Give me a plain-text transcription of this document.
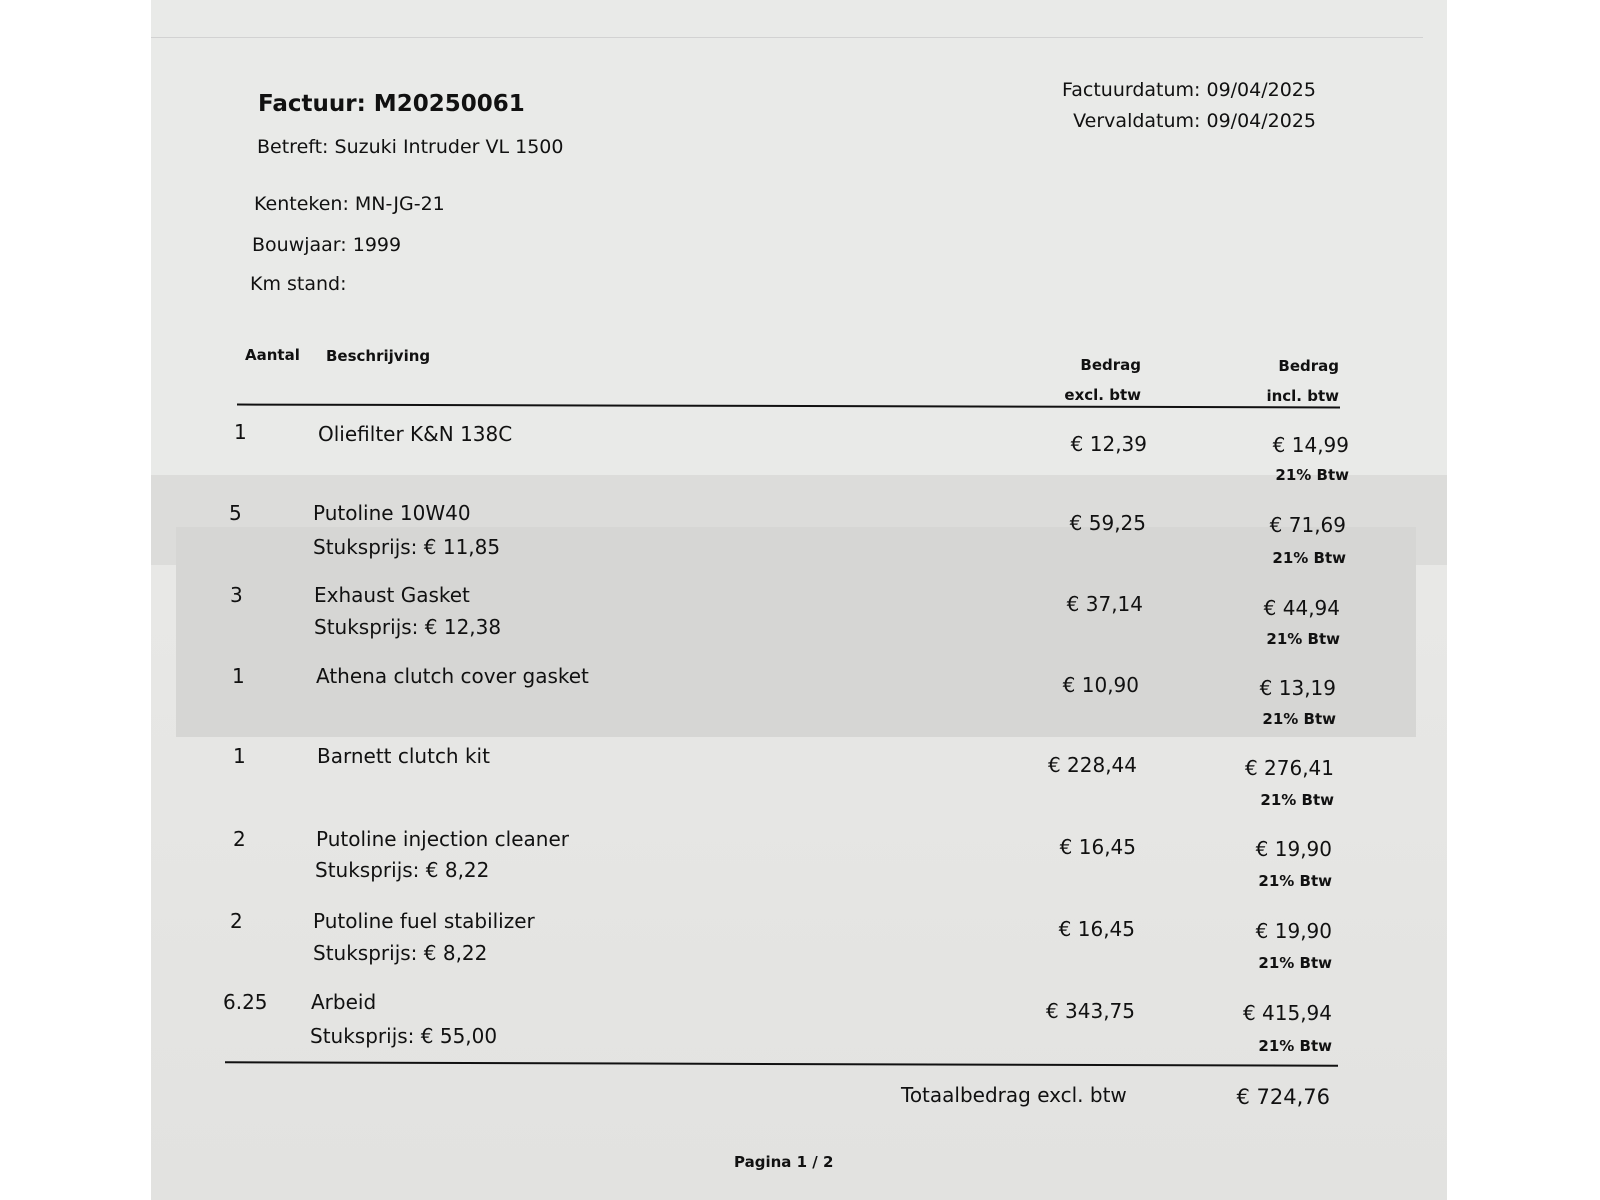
Factuur: M20250061
Betreft: Suzuki Intruder VL 1500
Factuurdatum: 09/04/2025
Vervaldatum: 09/04/2025
Kenteken: MN-JG-21
Bouwjaar: 1999
Km stand:
Aantal Beschrijving	Bedrag
excl. btw
Bedrag
incl. btw
1	Oliefilter K&N 138C	€ 12,39	€ 14,99
21% Btw
5	Putoline 10W40
Stuksprijs: € 11,85
€ 59,25	€ 71,69
21% Btw
3	Exhaust Gasket
Stuksprijs: € 12,38
€ 37,14	€ 44,94
21% Btw
1	Athena clutch cover gasket	€ 10,90	€ 13,19
21% Btw
1	Barnett clutch kit	€ 228,44	€ 276,41
21% Btw
2	Putoline injection cleaner
Stuksprijs: € 8,22
€ 16,45	€ 19,90
21% Btw
2	Putoline fuel stabilizer
Stuksprijs: € 8,22
€ 16,45	€ 19,90
21% Btw
6.25 Arbeid
Stuksprijs: € 55,00
€ 343,75	€ 415,94
21% Btw
Totaalbedrag excl. btw	€ 724,76
Pagina 1 / 2
